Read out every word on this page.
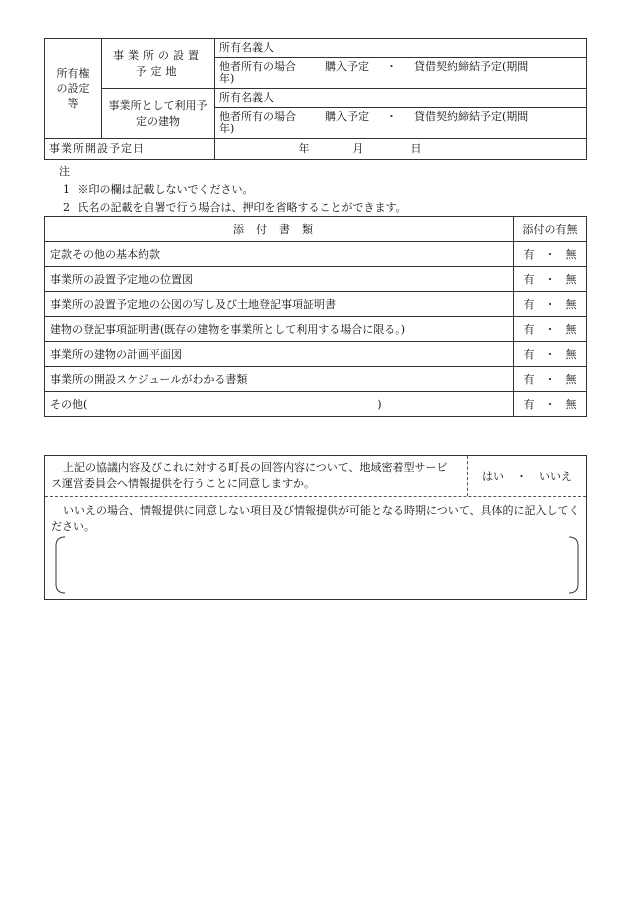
所有権の設定等	事業所の設置予定地	所有名義人
		他者所有の場合 購入予定 ・ 貸借契約締結予定(期間
年)
	事業所として利用予定の建物	所有名義人
		他者所有の場合 購入予定 ・ 貸借契約締結予定(期間
年)
事業所開設予定日		年 月 日
注1 ※印の欄は記載しないでください。
2 氏名の記載を自署で行う場合は、押印を省略することができます。
添付書類	添付の有無
定款その他の基本約款	有 ・ 無
事業所の設置予定地の位置図	有 ・ 無
事業所の設置予定地の公図の写し及び土地登記事項証明書	有 ・ 無
建物の登記事項証明書(既存の建物を事業所として利用する場合に限る。)	有 ・ 無
事業所の建物の計画平面図	有 ・ 無
事業所の開設スケジュールがわかる書類	有 ・ 無
その他( )	有 ・ 無
上記の協議内容及びこれに対する町長の回答内容について、地域密着型サービス運営委員会へ情報提供を行うことに同意しますか。
はい ・ いいえ
いいえの場合、情報提供に同意しない項目及び情報提供が可能となる時期について、具体的に記入してください。
